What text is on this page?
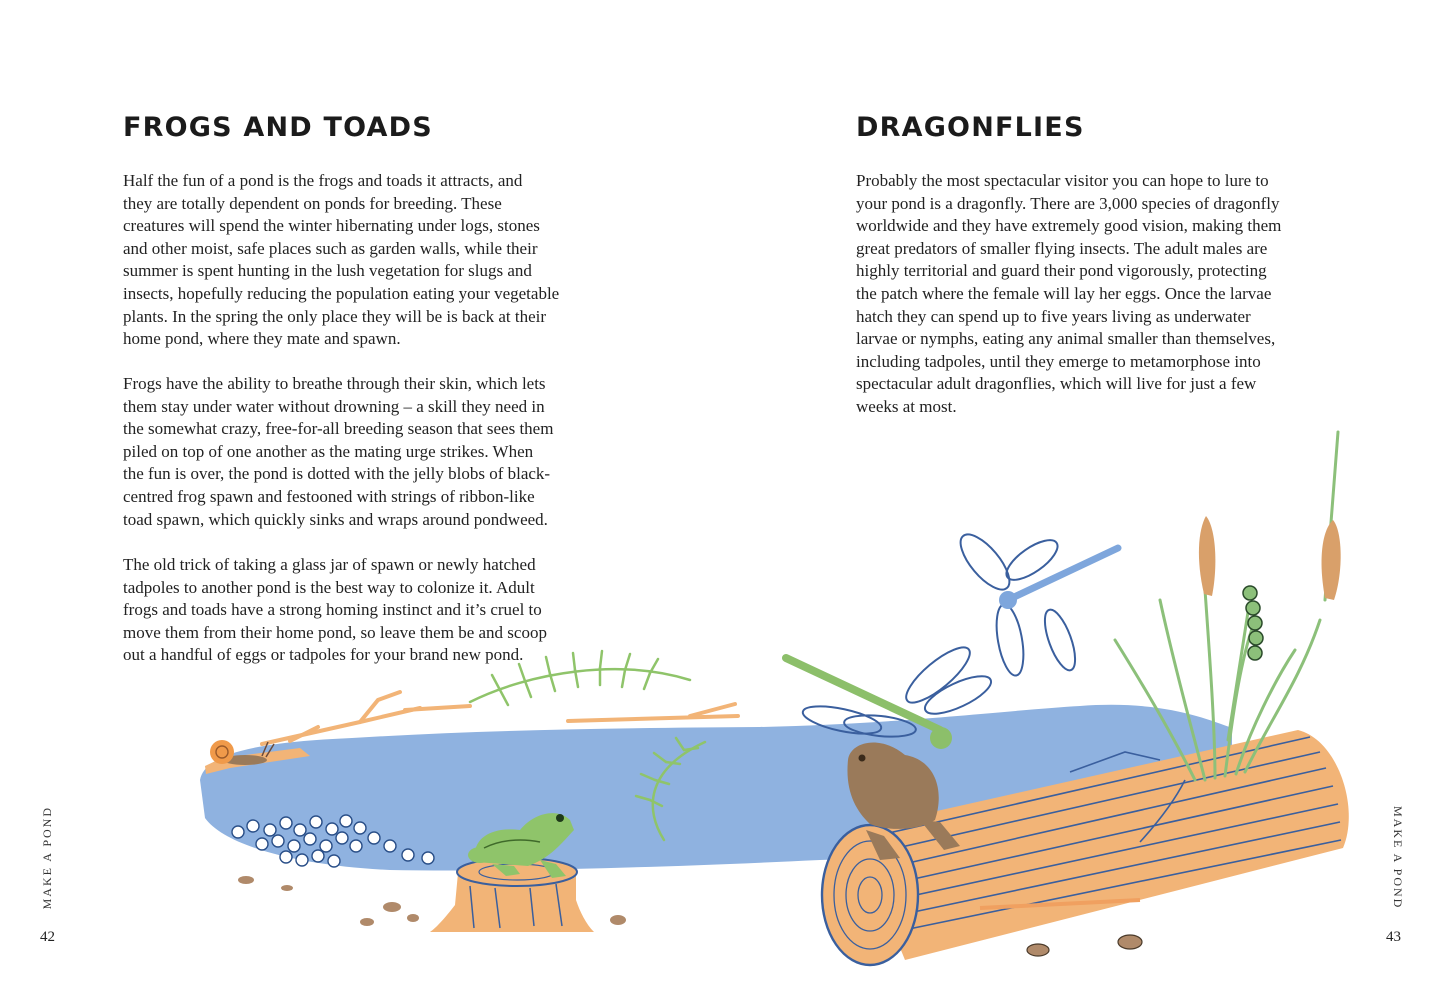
FROGS AND TOADS

Half the fun of a pond is the frogs and toads it attracts, and
they are totally dependent on ponds for breeding. These
creatures will spend the winter hibernating under logs, stones
and other moist, safe places such as garden walls, while their
summer is spent hunting in the lush vegetation for slugs and
insects, hopefully reducing the population eating your vegetable
plants. In the spring the only place they will be is back at their
home pond, where they mate and spawn.

Frogs have the ability to breathe through their skin, which lets
them stay under water without drowning – a skill they need in
the somewhat crazy, free-for-all breeding season that sees them
piled on top of one another as the mating urge strikes. When
the fun is over, the pond is dotted with the jelly blobs of black-
centred frog spawn and festooned with strings of ribbon-like
toad spawn, which quickly sinks and wraps around pondweed.

The old trick of taking a glass jar of spawn or newly hatched
tadpoles to another pond is the best way to colonize it. Adult
frogs and toads have a strong homing instinct and it’s cruel to
move them from their home pond, so leave them be and scoop
out a handful of eggs or tadpoles for your brand new pond.

DRAGONFLIES

Probably the most spectacular visitor you can hope to lure to
your pond is a dragonfly. There are 3,000 species of dragonfly
worldwide and they have extremely good vision, making them
great predators of smaller flying insects. The adult males are
highly territorial and guard their pond vigorously, protecting
the patch where the female will lay her eggs. Once the larvae
hatch they can spend up to five years living as underwater
larvae or nymphs, eating any animal smaller than themselves,
including tadpoles, until they emerge to metamorphose into
spectacular adult dragonflies, which will live for just a few
weeks at most.

MAKE A POND
42
MAKE A POND
43
